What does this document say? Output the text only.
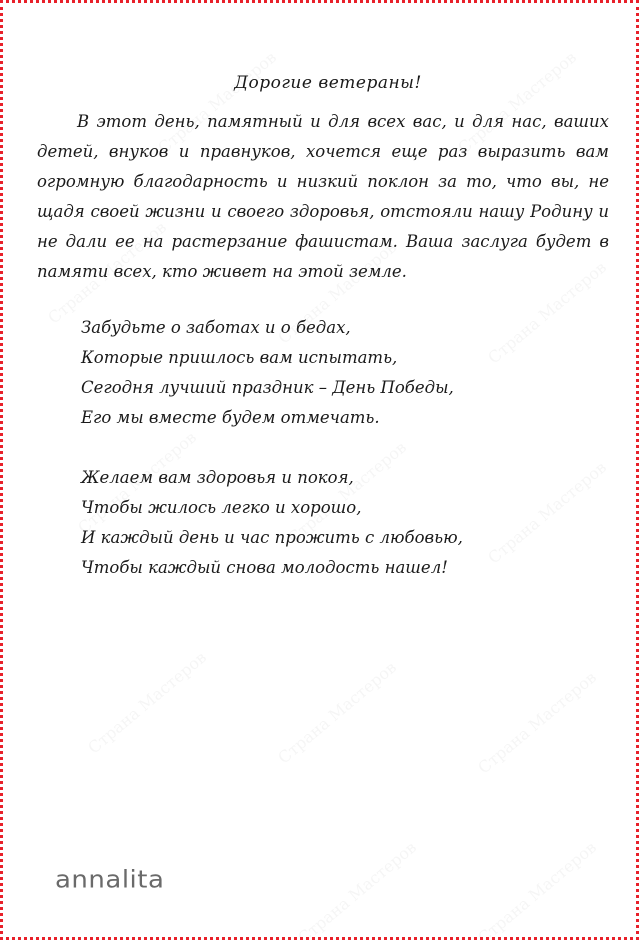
Дорогие ветераны!

В этот день, памятный и для всех вас, и для нас, ваших детей, внуков и правнуков, хочется еще раз выразить вам огромную благодарность и низкий поклон за то, что вы, не щадя своей жизни и своего здоровья, отстояли нашу Родину и не дали ее на растерзание фашистам. Ваша заслуга будет в памяти всех, кто живет на этой земле.

Забудьте о заботах и о бедах,
Которые пришлось вам испытать,
Сегодня лучший праздник – День Победы,
Его мы вместе будем отмечать.
Желаем вам здоровья и покоя,
Чтобы жилось легко и хорошо,
И каждый день и час прожить с любовью,
Чтобы каждый снова молодость нашел!
annalita
